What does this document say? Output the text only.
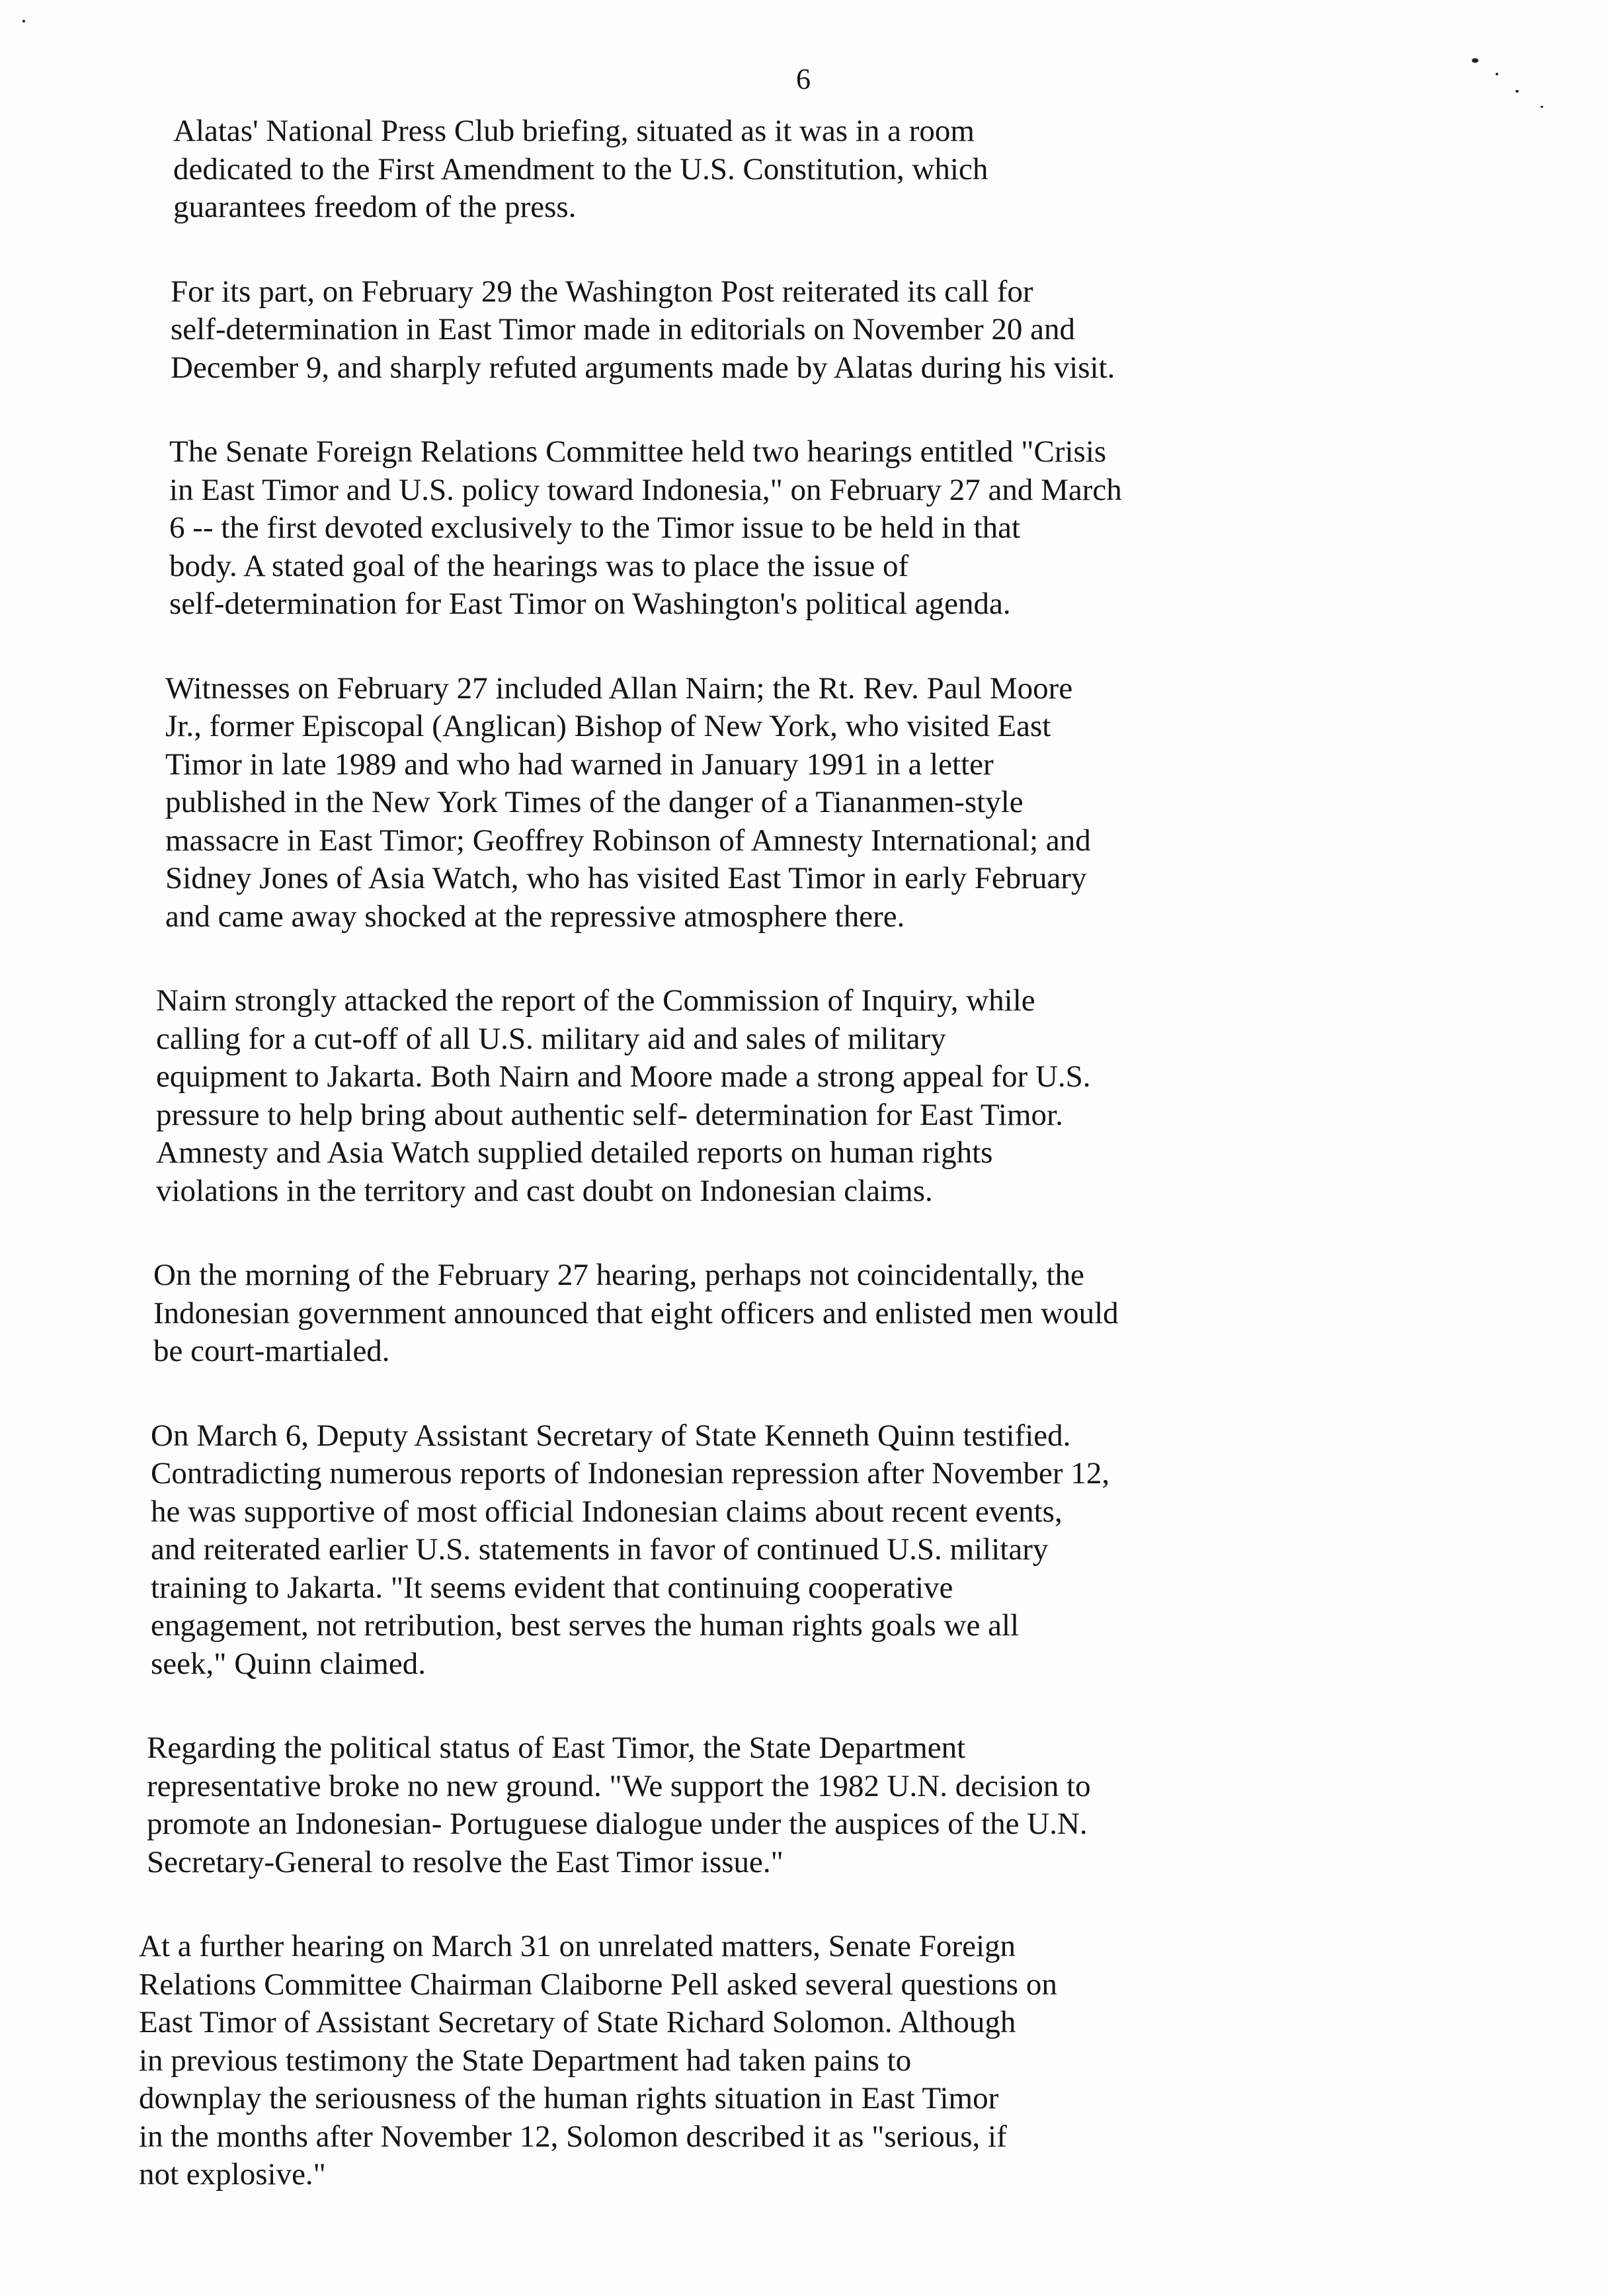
6
Alatas' National Press Club briefing, situated as it was in a room
dedicated to the First Amendment to the U.S. Constitution, which
guarantees freedom of the press.
For its part, on February 29 the Washington Post reiterated its call for
self-determination in East Timor made in editorials on November 20 and
December 9, and sharply refuted arguments made by Alatas during his visit.
The Senate Foreign Relations Committee held two hearings entitled "Crisis
in East Timor and U.S. policy toward Indonesia," on February 27 and March
6 -- the first devoted exclusively to the Timor issue to be held in that
body. A stated goal of the hearings was to place the issue of
self-determination for East Timor on Washington's political agenda.
Witnesses on February 27 included Allan Nairn; the Rt. Rev. Paul Moore
Jr., former Episcopal (Anglican) Bishop of New York, who visited East
Timor in late 1989 and who had warned in January 1991 in a letter
published in the New York Times of the danger of a Tiananmen-style
massacre in East Timor; Geoffrey Robinson of Amnesty International; and
Sidney Jones of Asia Watch, who has visited East Timor in early February
and came away shocked at the repressive atmosphere there.
Nairn strongly attacked the report of the Commission of Inquiry, while
calling for a cut-off of all U.S. military aid and sales of military
equipment to Jakarta. Both Nairn and Moore made a strong appeal for U.S.
pressure to help bring about authentic self- determination for East Timor.
Amnesty and Asia Watch supplied detailed reports on human rights
violations in the territory and cast doubt on Indonesian claims.
On the morning of the February 27 hearing, perhaps not coincidentally, the
Indonesian government announced that eight officers and enlisted men would
be court-martialed.
On March 6, Deputy Assistant Secretary of State Kenneth Quinn testified.
Contradicting numerous reports of Indonesian repression after November 12,
he was supportive of most official Indonesian claims about recent events,
and reiterated earlier U.S. statements in favor of continued U.S. military
training to Jakarta. "It seems evident that continuing cooperative
engagement, not retribution, best serves the human rights goals we all
seek," Quinn claimed.
Regarding the political status of East Timor, the State Department
representative broke no new ground. "We support the 1982 U.N. decision to
promote an Indonesian- Portuguese dialogue under the auspices of the U.N.
Secretary-General to resolve the East Timor issue."
At a further hearing on March 31 on unrelated matters, Senate Foreign
Relations Committee Chairman Claiborne Pell asked several questions on
East Timor of Assistant Secretary of State Richard Solomon. Although
in previous testimony the State Department had taken pains to
downplay the seriousness of the human rights situation in East Timor
in the months after November 12, Solomon described it as "serious, if
not explosive."
